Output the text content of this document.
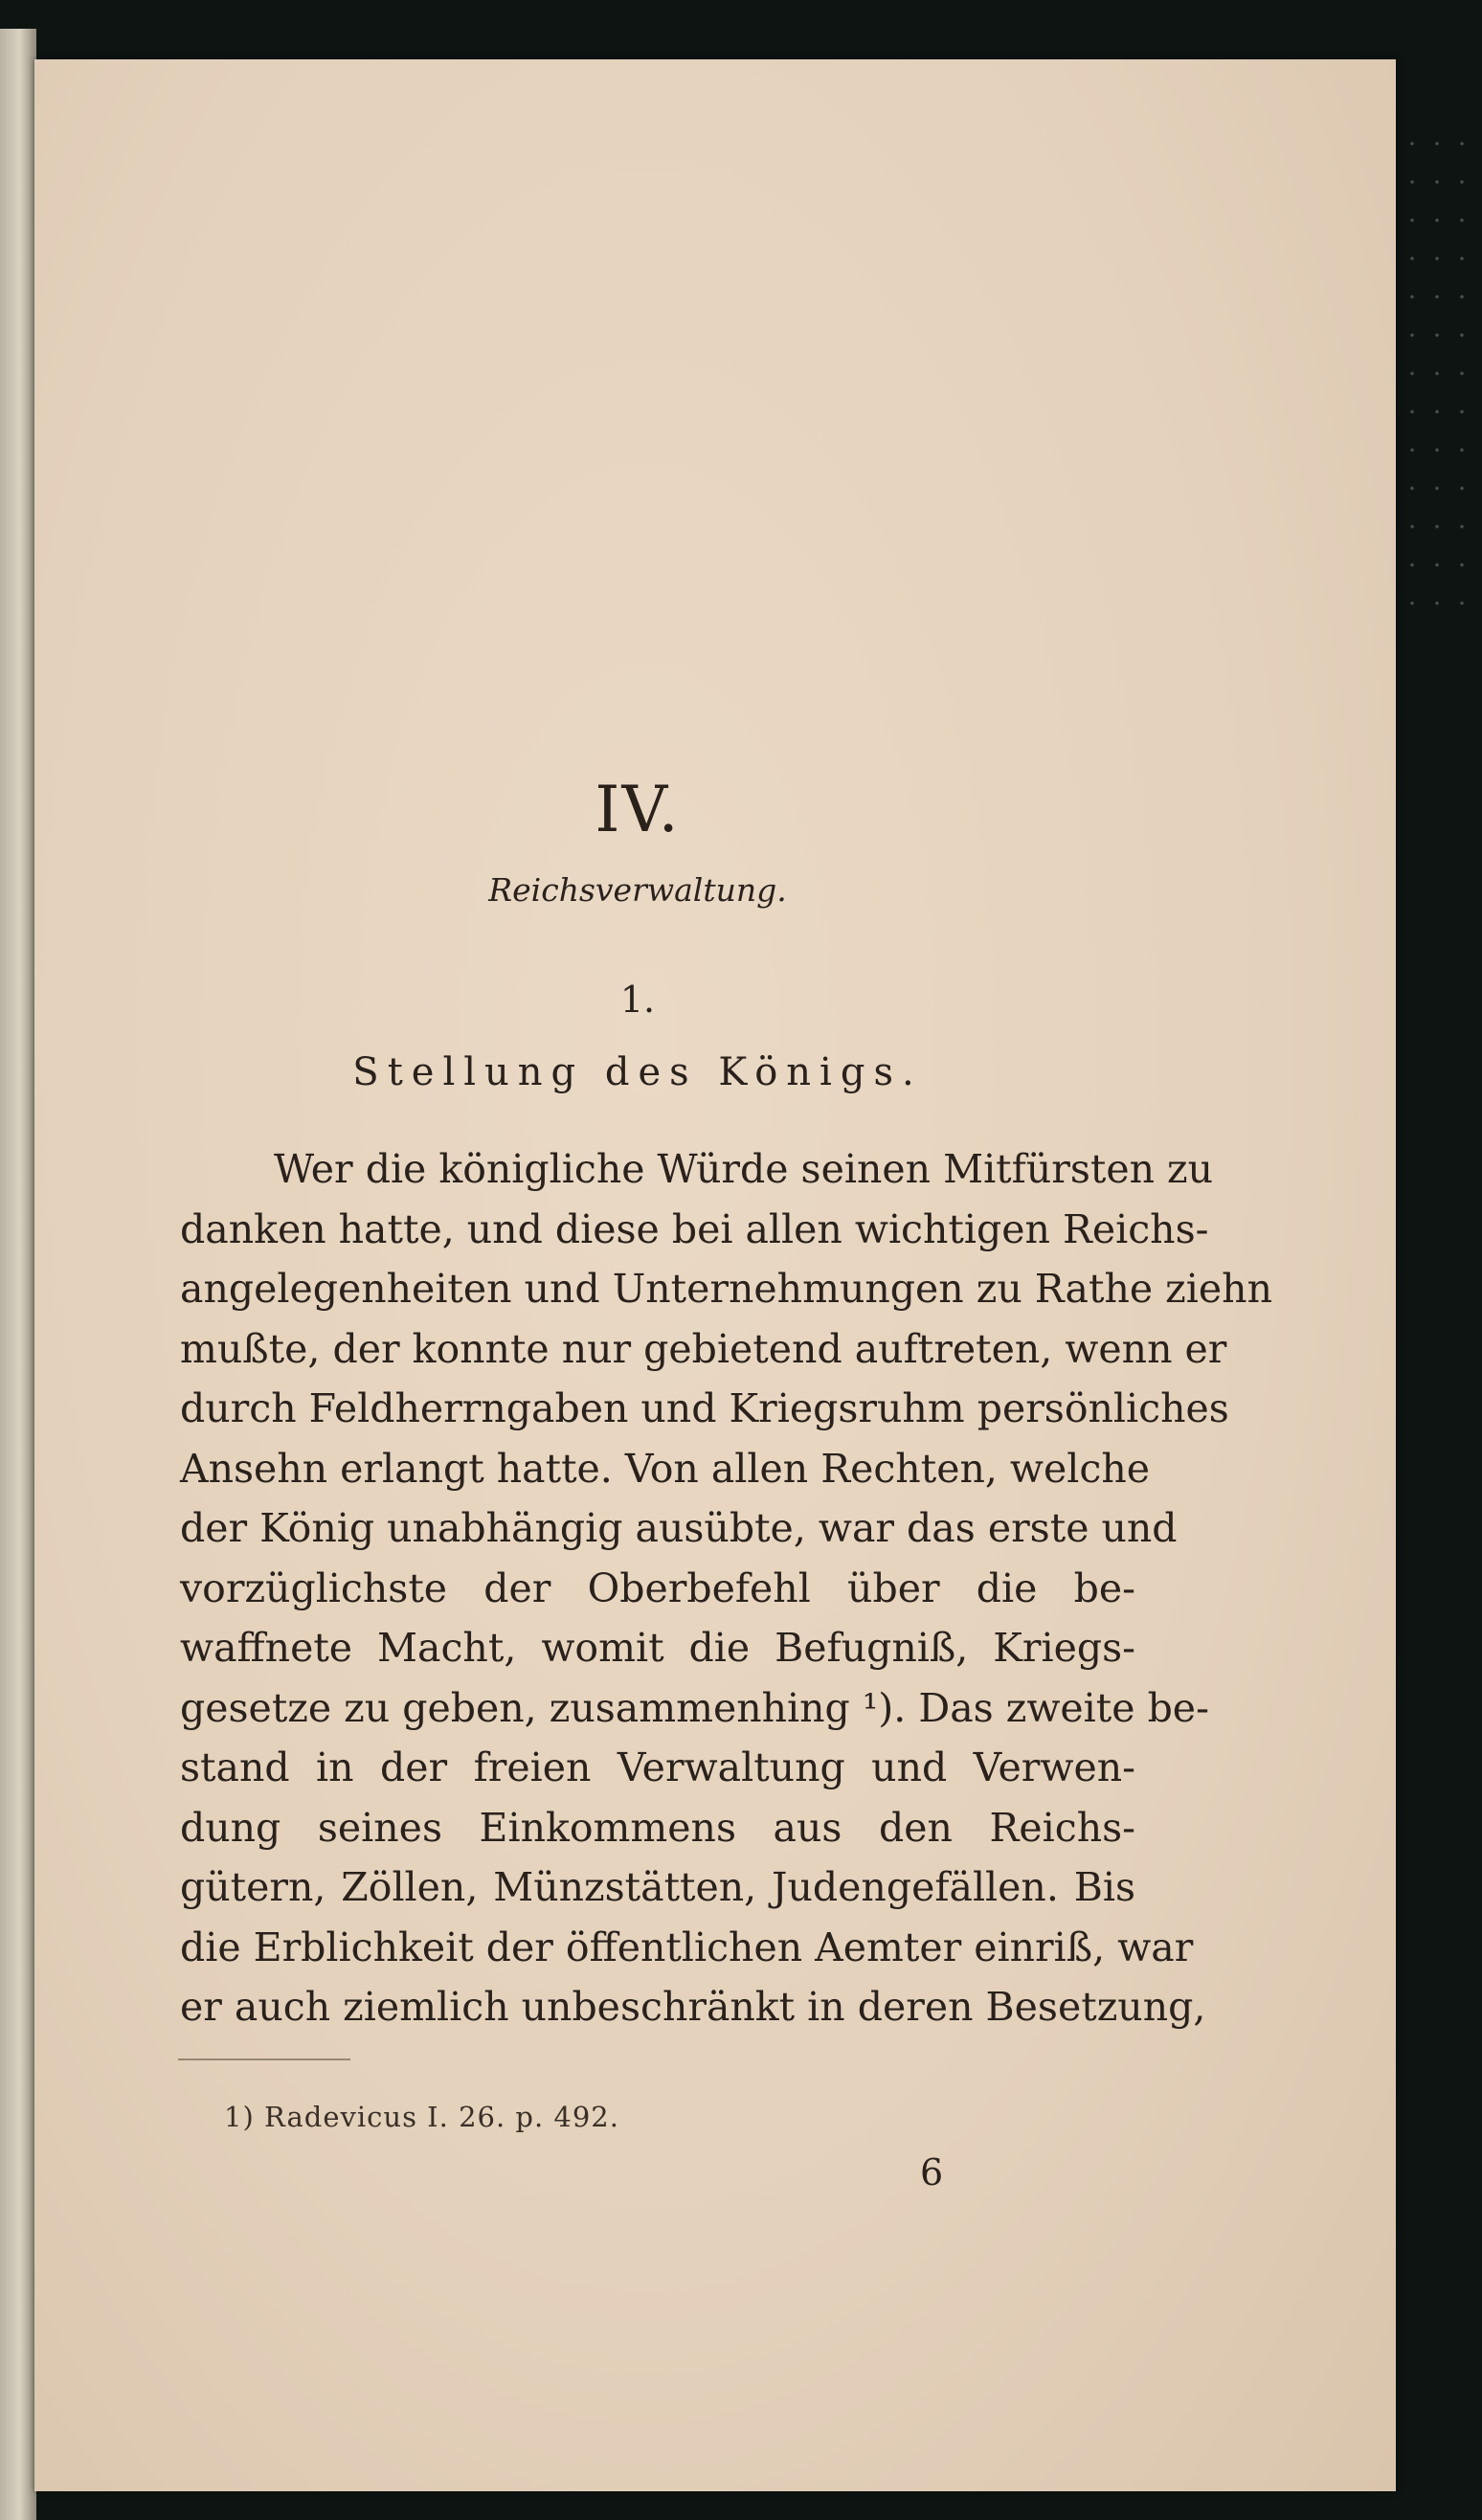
IV.
Reichsverwaltung.
1.
Stellung des Königs.
Wer die königliche Würde seinen Mitfürsten zu
danken hatte, und diese bei allen wichtigen Reichs-
angelegenheiten und Unternehmungen zu Rathe ziehn
mußte, der konnte nur gebietend auftreten, wenn er
durch Feldherrngaben und Kriegsruhm persönliches
Ansehn erlangt hatte. Von allen Rechten, welche
der König unabhängig ausübte, war das erste und
vorzüglichste der Oberbefehl über die be-
waffnete Macht, womit die Befugniß, Kriegs-
gesetze zu geben, zusammenhing ¹). Das zweite be-
stand in der freien Verwaltung und Verwen-
dung seines Einkommens aus den Reichs-
gütern, Zöllen, Münzstätten, Judengefällen. Bis
die Erblichkeit der öffentlichen Aemter einriß, war
er auch ziemlich unbeschränkt in deren Besetzung,
1) Radevicus I. 26. p. 492.
6
